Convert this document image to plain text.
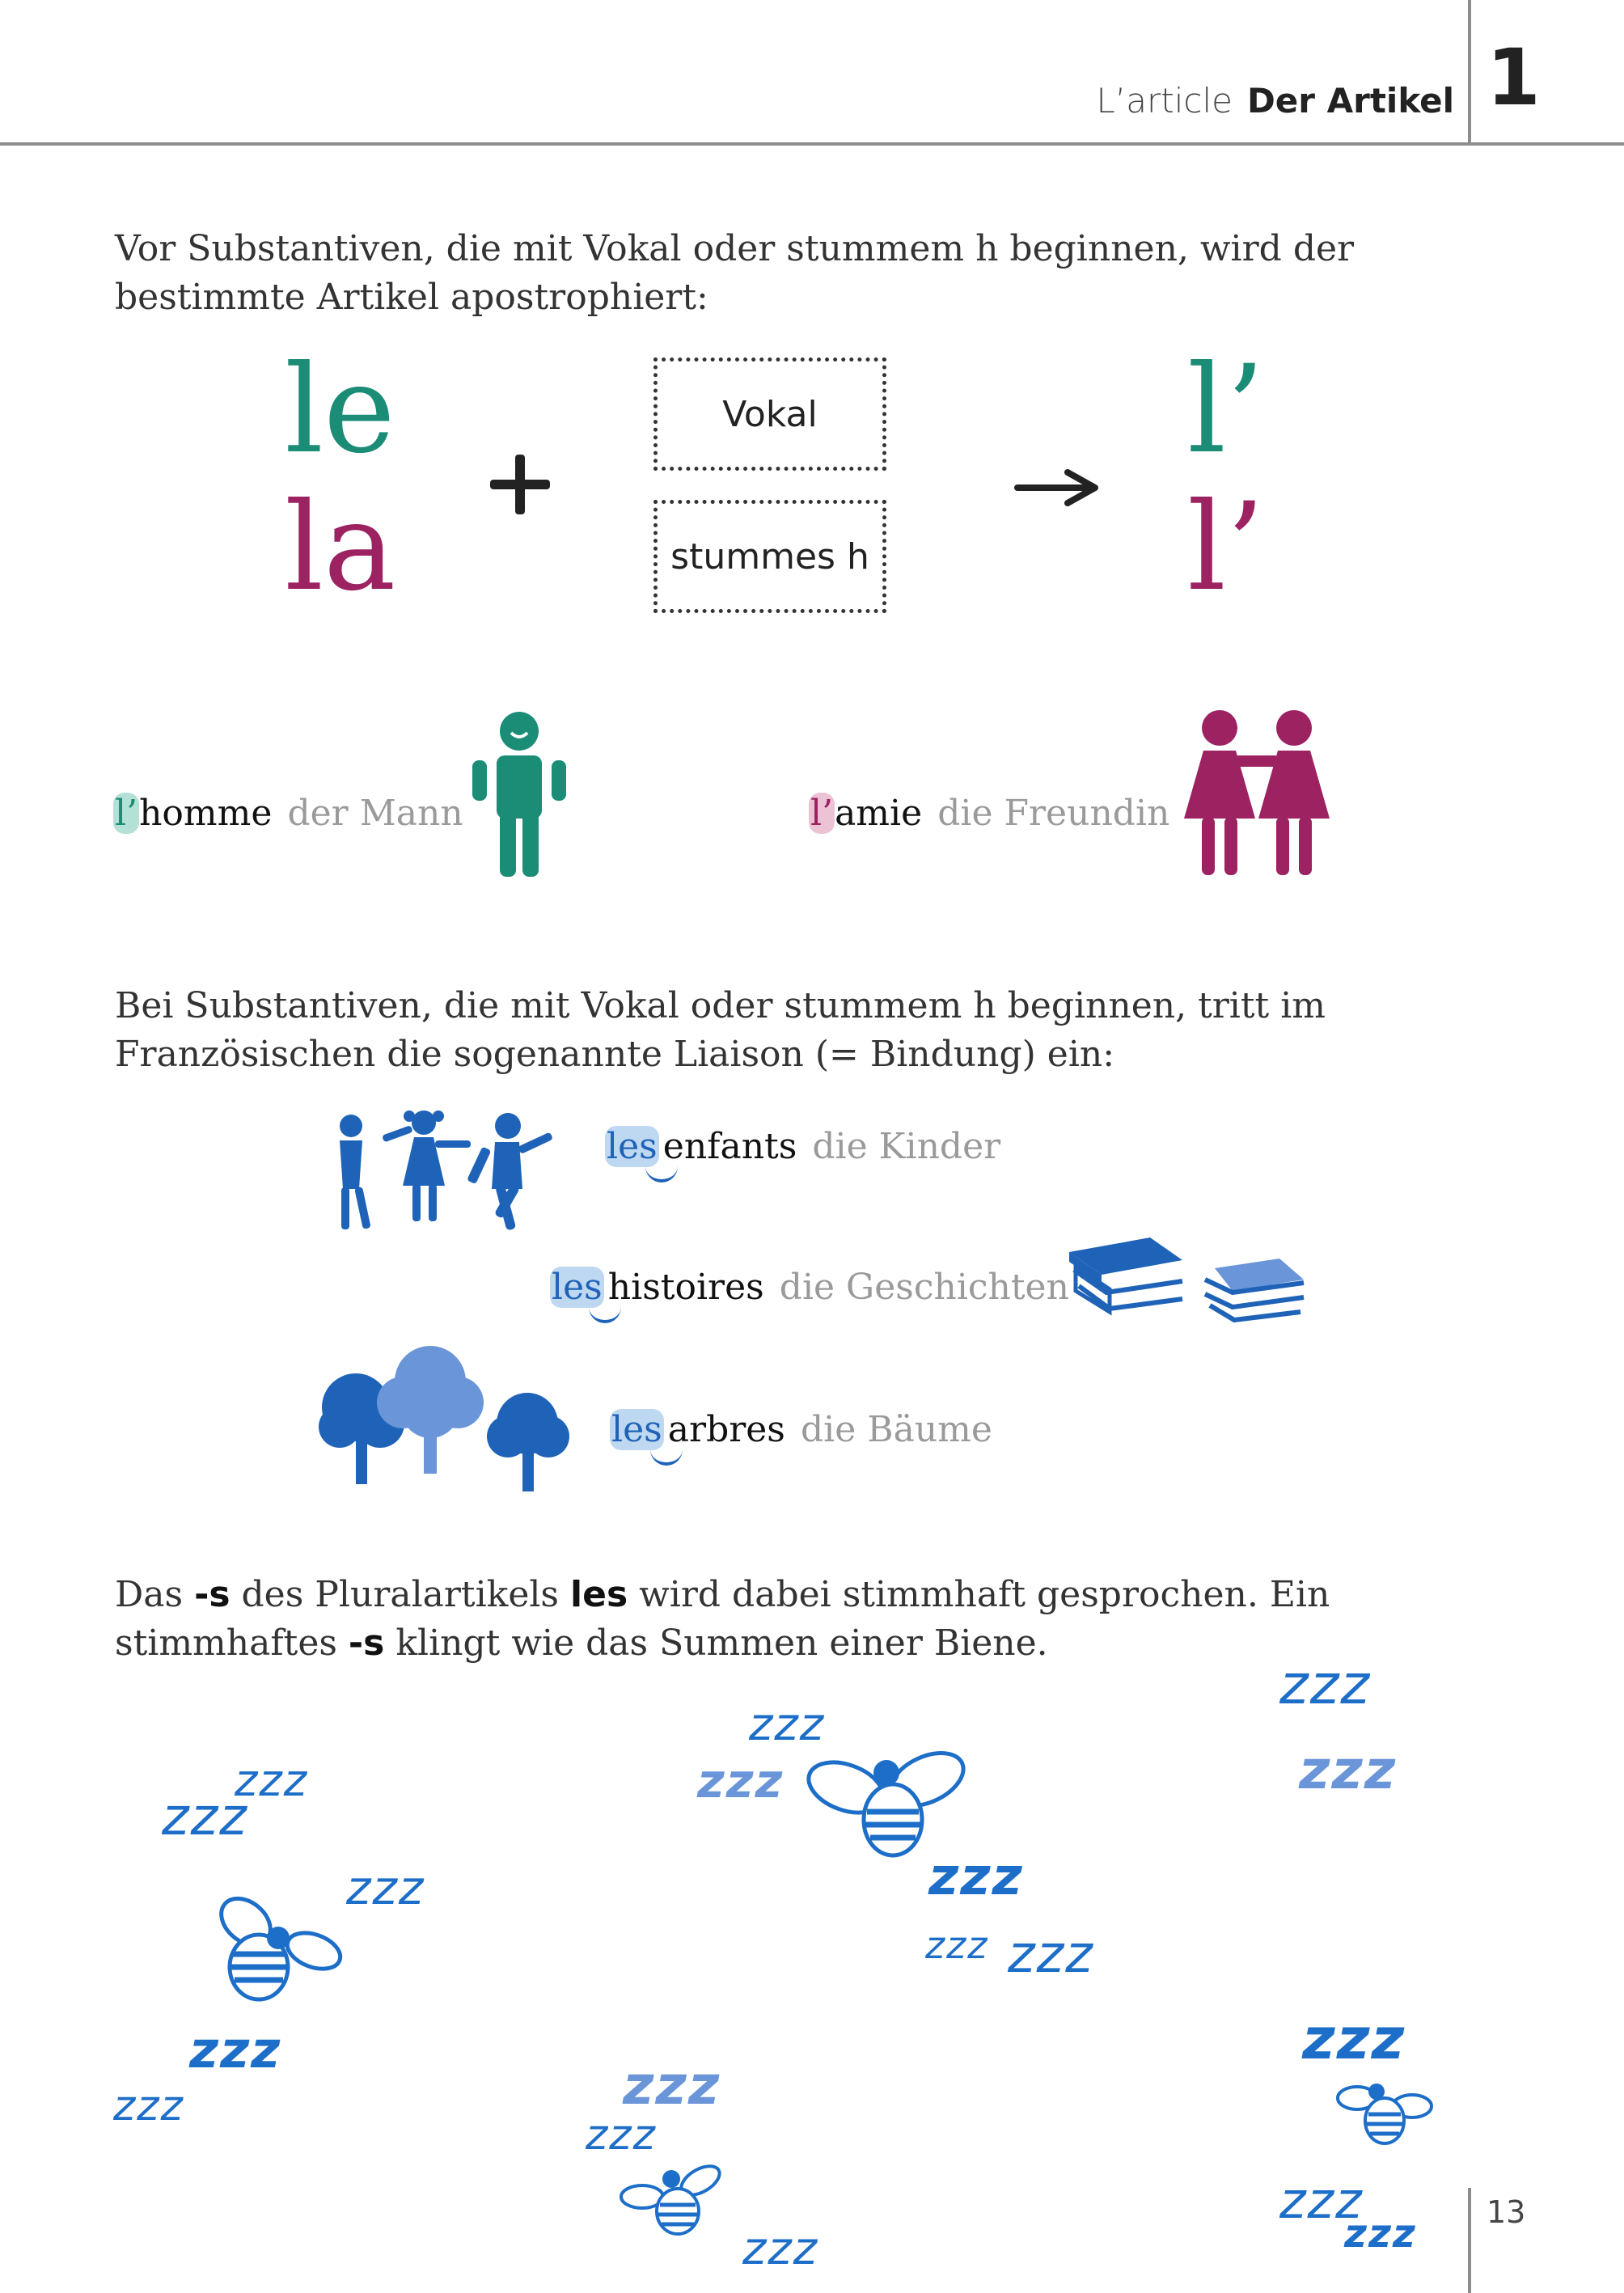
L’article Der Artikel 1
Vor Substantiven, die mit Vokal oder stummem h beginnen, wird der bestimmte Artikel apostrophiert:
le
la
Vokal
stummes h
l’
l’
l’homme der Mann	l’amie die Freundin
Bei Substantiven, die mit Vokal oder stummem h beginnen, tritt im Französischen die sogenannte Liaison (= Bindung) ein:
les enfants die Kinder
les histoires die Geschichten
les arbres die Bäume
Das -s des Pluralartikels les wird dabei stimmhaft gesprochen. Ein stimmhaftes -s klingt wie das Summen einer Biene.
zzz
zzz
zzz
zzz
zzz
zzz
zzz
zzz
zzz zzz
zzz
zzz
zzz
zzz
zzz
zzz
zzz
zzz 13
